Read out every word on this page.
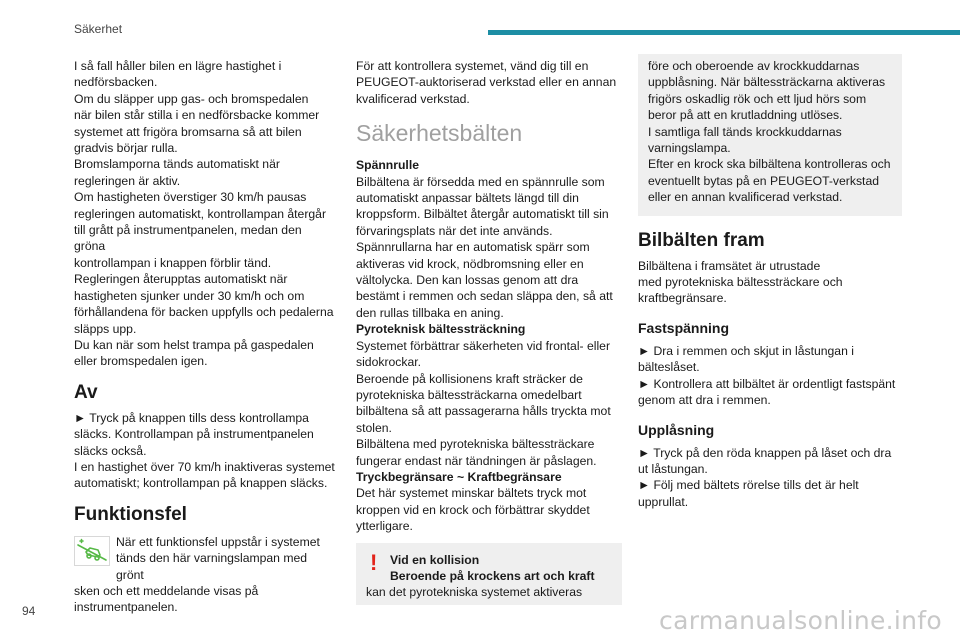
Säkerhet

I så fall håller bilen en lägre hastighet i
nedförsbacken.
Om du släpper upp gas- och bromspedalen
när bilen står stilla i en nedförsbacke kommer
systemet att frigöra bromsarna så att bilen
gradvis börjar rulla.
Bromslamporna tänds automatiskt när
regleringen är aktiv.
Om hastigheten överstiger 30 km/h pausas
regleringen automatiskt, kontrollampan återgår
till grått på instrumentpanelen, medan den gröna
kontrollampan i knappen förblir tänd.
Regleringen återupptas automatiskt när
hastigheten sjunker under 30 km/h och om
förhållandena för backen uppfylls och pedalerna
släpps upp.
Du kan när som helst trampa på gaspedalen
eller bromspedalen igen.

Av

► Tryck på knappen tills dess kontrollampa
släcks. Kontrollampan på instrumentpanelen
släcks också.
I en hastighet över 70 km/h inaktiveras systemet
automatiskt; kontrollampan på knappen släcks.

Funktionsfel
När ett funktionsfel uppstår i systemet
tänds den här varningslampan med grönt
sken och ett meddelande visas på
instrumentpanelen.

För att kontrollera systemet, vänd dig till en
PEUGEOT-auktoriserad verkstad eller en annan
kvalificerad verkstad.

Säkerhetsbälten

Spännrulle
Bilbältena är försedda med en spännrulle som
automatiskt anpassar bältets längd till din
kroppsform. Bilbältet återgår automatiskt till sin
förvaringsplats när det inte används.
Spännrullarna har en automatisk spärr som
aktiveras vid krock, nödbromsning eller en
vältolycka. Den kan lossas genom att dra
bestämt i remmen och sedan släppa den, så att
den rullas tillbaka en aning.
Pyroteknisk bältessträckning
Systemet förbättrar säkerheten vid frontal- eller
sidokrockar.
Beroende på kollisionens kraft sträcker de
pyrotekniska bältessträckarna omedelbart
bilbältena så att passagerarna hålls tryckta mot
stolen.
Bilbältena med pyrotekniska bältessträckare
fungerar endast när tändningen är påslagen.
Tryckbegränsare ~ Kraftbegränsare
Det här systemet minskar bältets tryck mot
kroppen vid en krock och förbättrar skyddet
ytterligare.

!	Vid en kollision
Beroende på krockens art och kraft
kan det pyrotekniska systemet aktiveras
före och oberoende av krockkuddarnas
uppblåsning. När bältessträckarna aktiveras
frigörs oskadlig rök och ett ljud hörs som
beror på att en krutladdning utlöses.
I samtliga fall tänds krockkuddarnas
varningslampa.
Efter en krock ska bilbältena kontrolleras och
eventuellt bytas på en PEUGEOT-verkstad
eller en annan kvalificerad verkstad.
Bilbälten fram

Bilbältena i framsätet är utrustade
med pyrotekniska bältessträckare och
kraftbegränsare.

Fastspänning

► Dra i remmen och skjut in låstungan i
bälteslåset.
► Kontrollera att bilbältet är ordentligt fastspänt
genom att dra i remmen.

Upplåsning

► Tryck på den röda knappen på låset och dra
ut låstungan.
► Följ med bältets rörelse tills det är helt
upprullat.

94	carmanualsonline.info
